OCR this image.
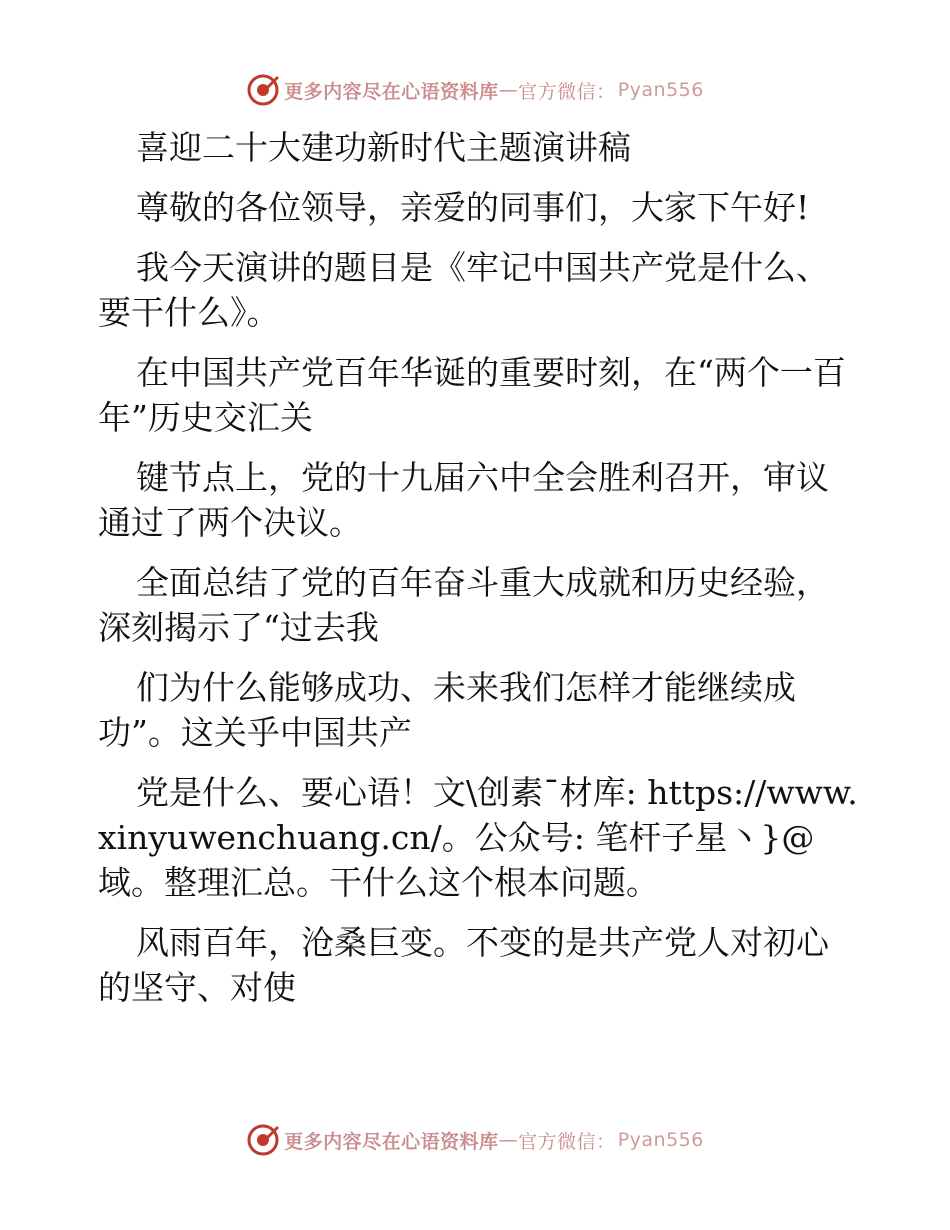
更多内容尽在心语资料库 — 官方微信： Pyan556

喜迎二十大建功新时代主题演讲稿

尊敬的各位领导，亲爱的同事们，大家下午好!

我今天演讲的题目是《牢记中国共产党是什么、要干什么》。

在中国共产党百年华诞的重要时刻，在“两个一百年”历史交汇关

键节点上，党的十九届六中全会胜利召开，审议通过了两个决议。

全面总结了党的百年奋斗重大成就和历史经验，深刻揭示了“过去我

们为什么能够成功、未来我们怎样才能继续成功”。这关乎中国共产

党是什么、要心语！文\创素¯材库: https://www.xinyuwenchuang.cn/。公众号: 笔杆子星丶}@域。整理汇总。干什么这个根本问题。

风雨百年，沧桑巨变。不变的是共产党人对初心的坚守、对使

更多内容尽在心语资料库 — 官方微信： Pyan556
